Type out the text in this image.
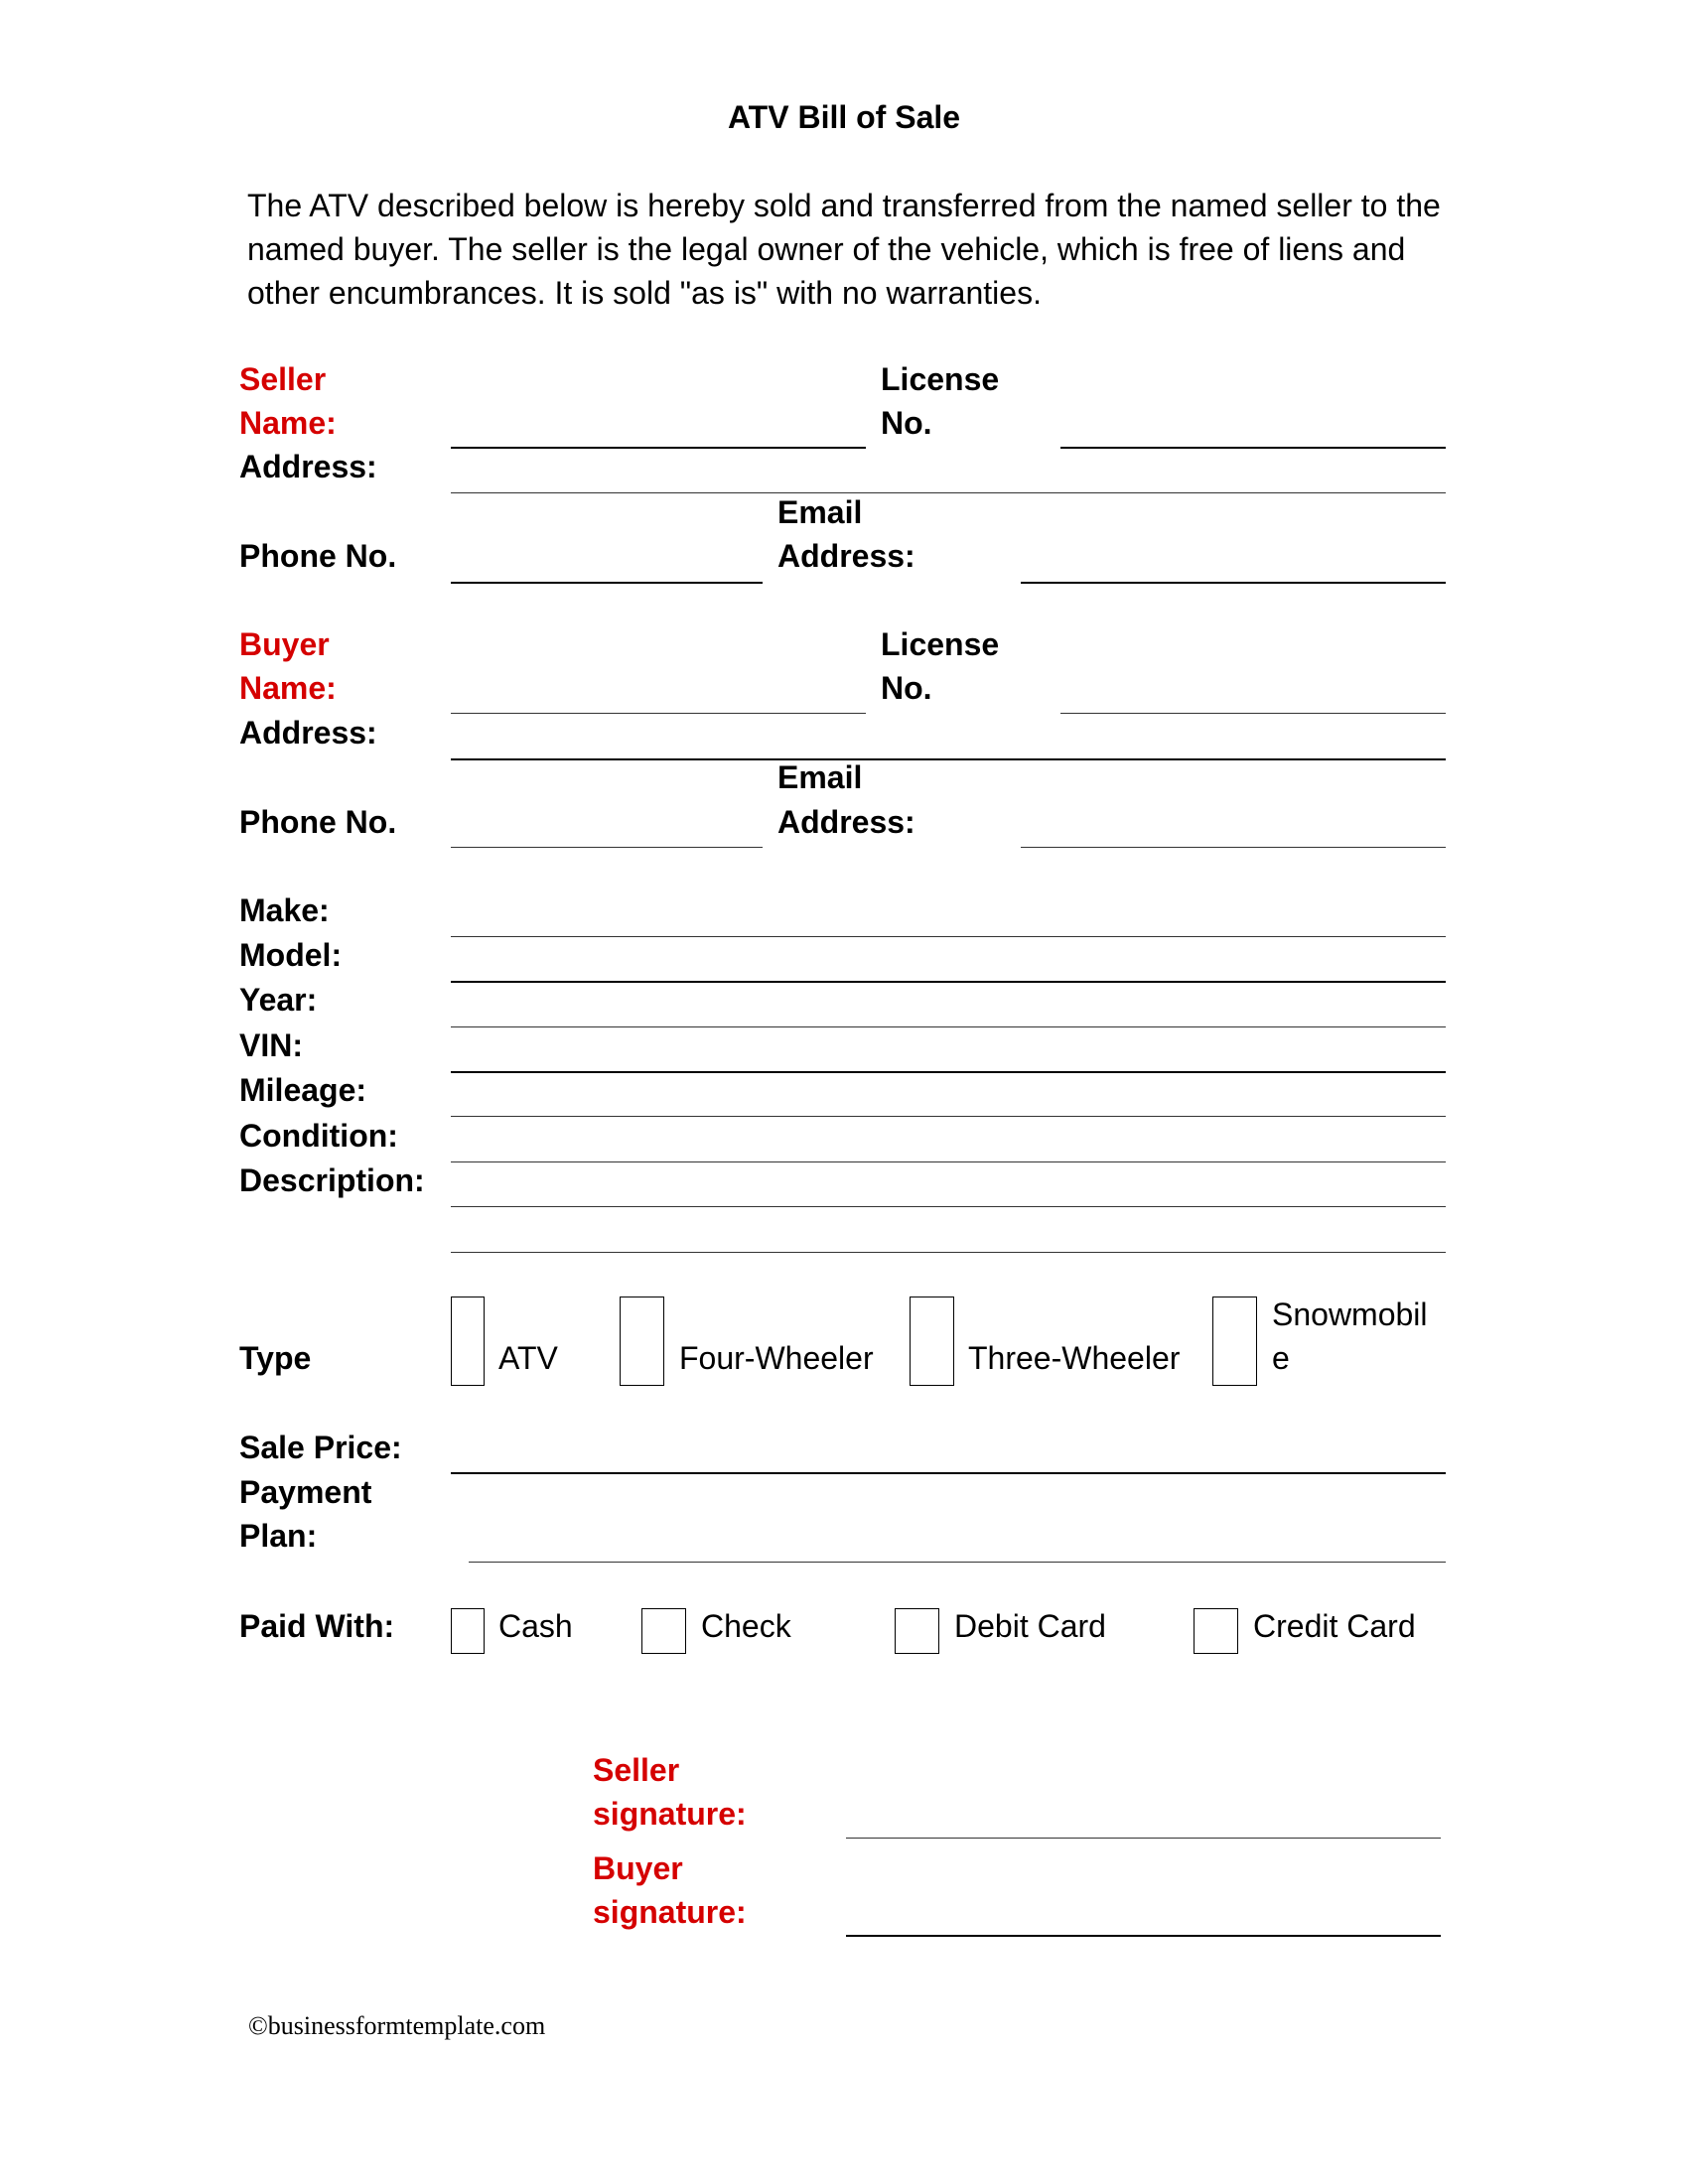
ATV Bill of Sale
The ATV described below is hereby sold and transferred from the named seller to the named buyer. The seller is the legal owner of the vehicle, which is free of liens and other encumbrances. It is sold "as is" with no warranties.
Seller
Name:
License
No.
Address:
Phone No.
Email
Address:
Buyer
Name:
License
No.
Address:
Phone No.
Email
Address:
Make:
Model:
Year:
VIN:
Mileage:
Condition:
Description:
Type	ATV	Four-Wheeler	Three-Wheeler
Snowmobil
e
Sale Price:
Payment
Plan:
Paid With:	Cash	Check	Debit Card	Credit Card
Seller
signature:
Buyer
signature:
©businessformtemplate.com
